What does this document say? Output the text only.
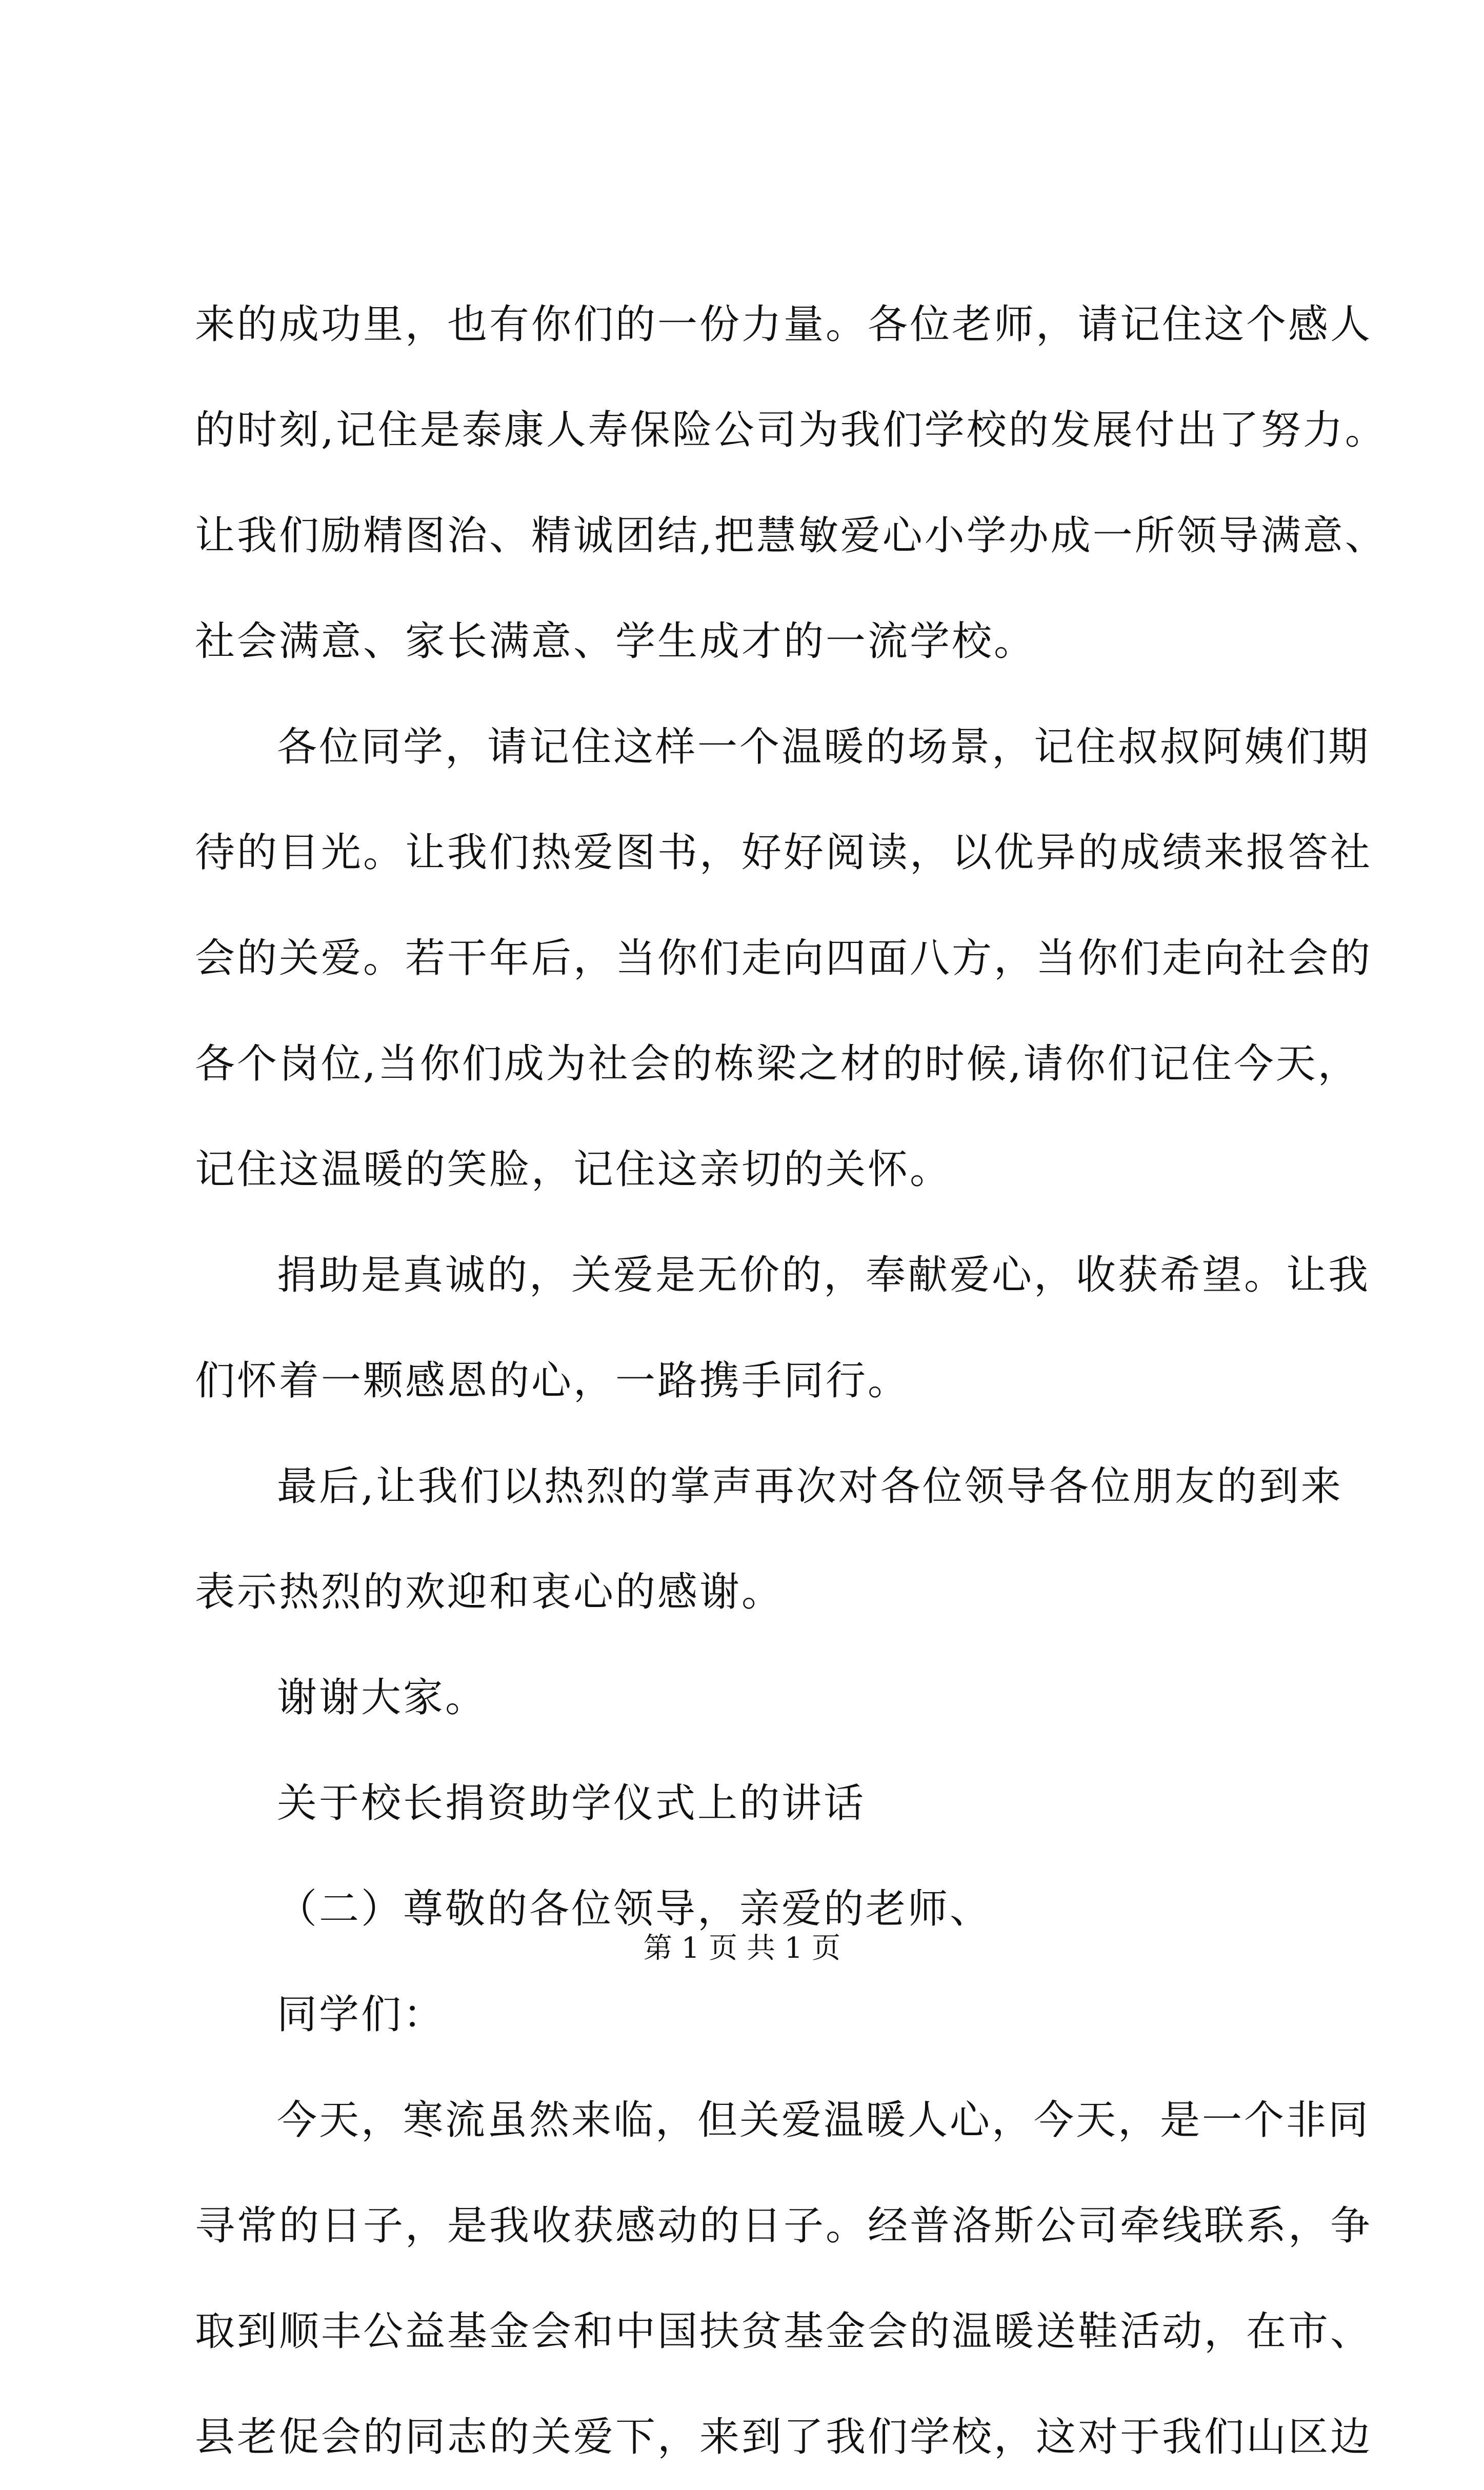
来的成功里，也有你们的一份力量。各位老师，请记住这个感人
的时刻,记住是泰康人寿保险公司为我们学校的发展付出了努力。
让我们励精图治、精诚团结,把慧敏爱心小学办成一所领导满意、
社会满意、家长满意、学生成才的一流学校。
各位同学，请记住这样一个温暖的场景，记住叔叔阿姨们期
待的目光。让我们热爱图书，好好阅读，以优异的成绩来报答社
会的关爱。若干年后，当你们走向四面八方，当你们走向社会的
各个岗位,当你们成为社会的栋梁之材的时候,请你们记住今天，
记住这温暖的笑脸，记住这亲切的关怀。
捐助是真诚的，关爱是无价的，奉献爱心，收获希望。让我
们怀着一颗感恩的心，一路携手同行。
最后,让我们以热烈的掌声再次对各位领导各位朋友的到来
表示热烈的欢迎和衷心的感谢。
谢谢大家。
关于校长捐资助学仪式上的讲话
（二）尊敬的各位领导，亲爱的老师、
同学们：
今天，寒流虽然来临，但关爱温暖人心，今天，是一个非同
寻常的日子，是我收获感动的日子。经普洛斯公司牵线联系，争
取到顺丰公益基金会和中国扶贫基金会的温暖送鞋活动，在市、
县老促会的同志的关爱下，来到了我们学校，这对于我们山区边
第 1 页 共 1 页
